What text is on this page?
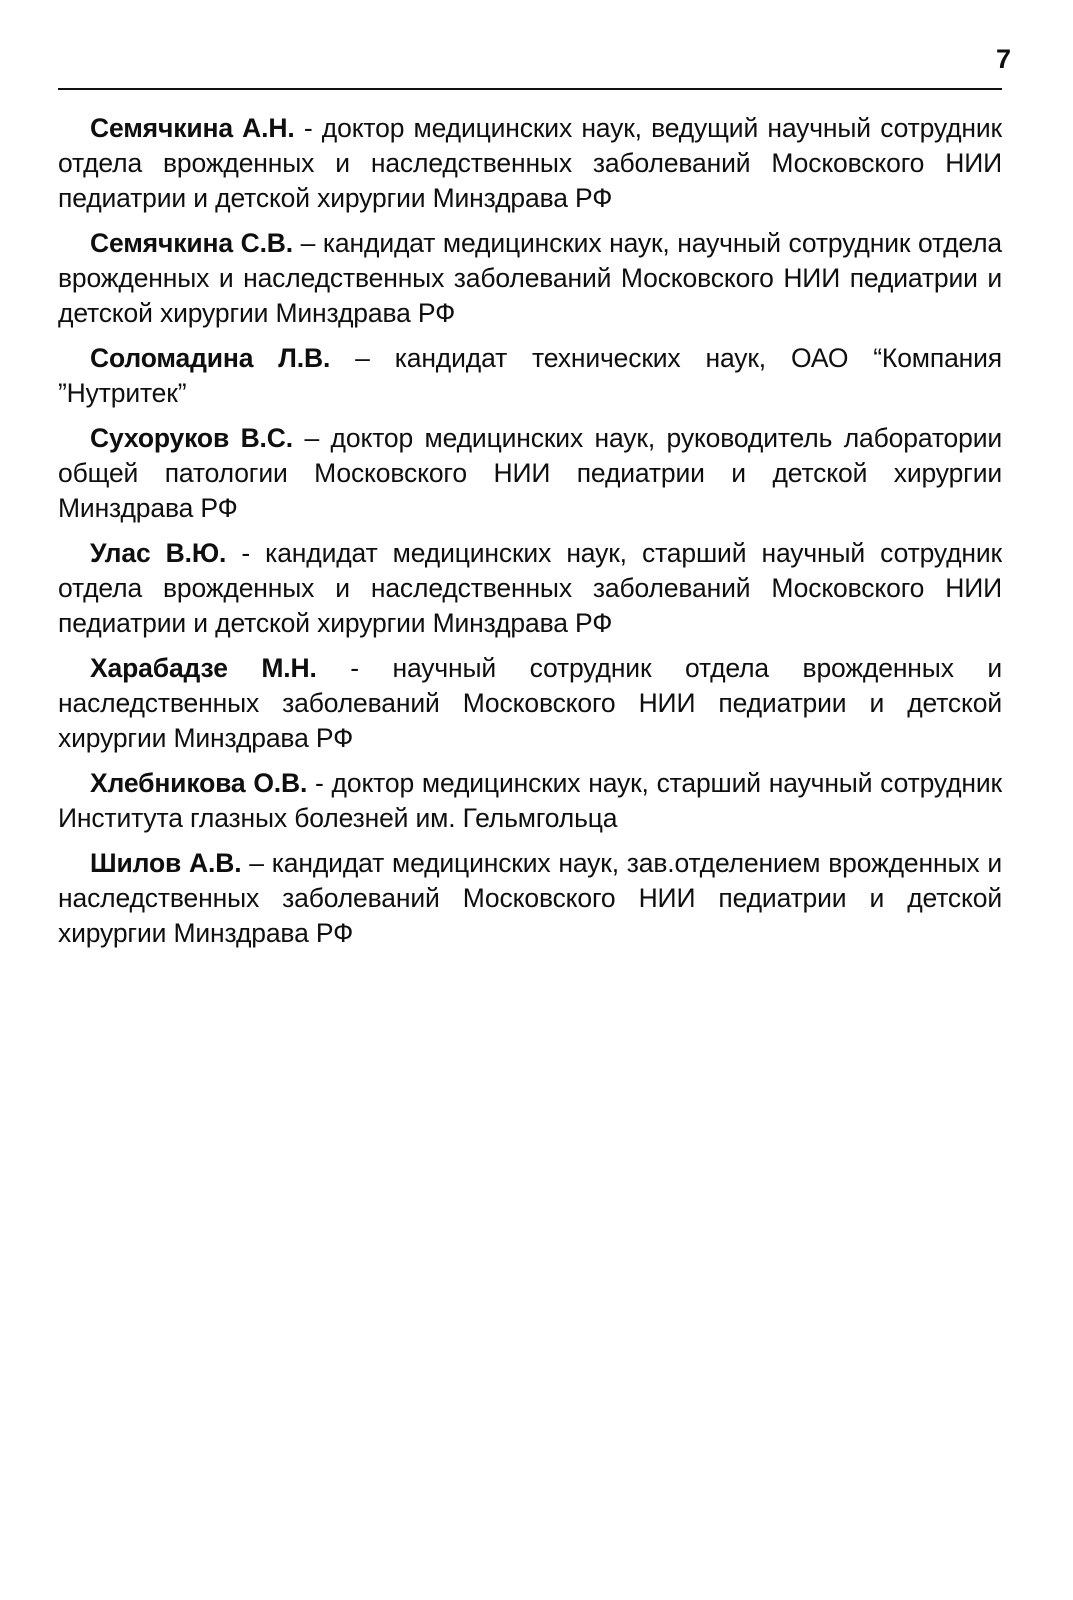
7

Семячкина А.Н. - доктор медицинских наук, ведущий научный сотрудник отдела врожденных и наследственных заболеваний Московского НИИ педиатрии и детской хирургии Минздрава РФ

Семячкина С.В. – кандидат медицинских наук, научный сотрудник отдела врожденных и наследственных заболеваний Московского НИИ педиатрии и детской хирургии Минздрава РФ

Соломадина Л.В. – кандидат технических наук, ОАО “Компания ”Нутритек”

Сухоруков В.С. – доктор медицинских наук, руководитель лаборатории общей патологии Московского НИИ педиатрии и детской хирургии Минздрава РФ

Улас В.Ю. - кандидат медицинских наук, старший научный сотрудник отдела врожденных и наследственных заболеваний Московского НИИ педиатрии и детской хирургии Минздрава РФ

Харабадзе М.Н. - научный сотрудник отдела врожденных и наследственных заболеваний Московского НИИ педиатрии и детской хирургии Минздрава РФ

Хлебникова О.В. - доктор медицинских наук, старший научный сотрудник Института глазных болезней им. Гельмгольца

Шилов А.В. – кандидат медицинских наук, зав.отделением врожденных и наследственных заболеваний Московского НИИ педиатрии и детской хирургии Минздрава РФ
